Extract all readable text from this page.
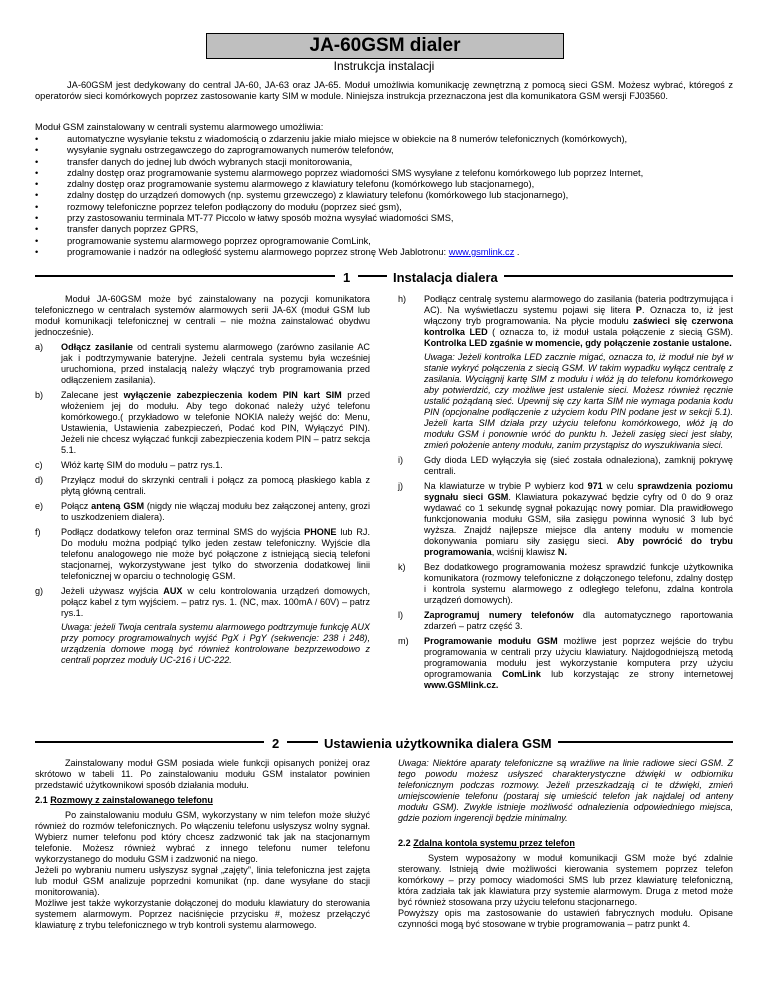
JA-60GSM dialer
Instrukcja instalacji
JA-60GSM jest dedykowany do central JA-60, JA-63 oraz JA-65. Moduł umożliwia komunikację zewnętrzną z pomocą sieci GSM. Możesz wybrać, któregoś z operatorów sieci komórkowych poprzez zastosowanie karty SIM w module. Niniejsza instrukcja przeznaczona jest dla komunikatora GSM wersji FJ03560.
Moduł GSM zainstalowany w centrali systemu alarmowego umożliwia:
• automatyczne wysyłanie tekstu z wiadomością o zdarzeniu jakie miało miejsce w obiekcie na 8 numerów telefonicznych (komórkowych),
• wysyłanie sygnału ostrzegawczego do zaprogramowanych numerów telefonów,
• transfer danych do jednej lub dwóch wybranych stacji monitorowania,
• zdalny dostęp oraz programowanie systemu alarmowego poprzez wiadomości SMS wysyłane z telefonu komórkowego lub poprzez Internet,
• zdalny dostęp oraz programowanie systemu alarmowego z klawiatury telefonu (komórkowego lub stacjonarnego),
• zdalny dostęp do urządzeń domowych (np. systemu grzewczego) z klawiatury telefonu (komórkowego lub stacjonarnego),
• rozmowy telefoniczne poprzez telefon podłączony do modułu (poprzez sieć gsm),
• przy zastosowaniu terminala MT-77 Piccolo w łatwy sposób można wysyłać wiadomości SMS,
• transfer danych poprzez GPRS,
• programowanie systemu alarmowego poprzez oprogramowanie ComLink,
• programowanie i nadzór na odległość systemu alarmowego poprzez stronę Web Jablotronu: www.gsmlink.cz .
1	Instalacja dialera

Moduł JA-60GSM może być zainstalowany na pozycji komunikatora telefonicznego w centralach systemów alarmowych serii JA-6X (moduł GSM lub moduł komunikacji telefonicznej w centrali – nie można zainstalować obydwu jednocześnie).

a) Odłącz zasilanie od centrali systemu alarmowego (zarówno zasilanie AC jak i podtrzymywanie bateryjne. Jeżeli centrala systemu była wcześniej uruchomiona, przed instalacją należy włączyć tryb programowania przed odłączeniem zasilania).
b) Zalecane jest wyłączenie zabezpieczenia kodem PIN kart SIM przed włożeniem jej do modułu. Aby tego dokonać należy użyć telefonu komórkowego.( przykładowo w telefonie NOKIA należy wejść do: Menu, Ustawienia, Ustawienia zabezpieczeń, Podać kod PIN, Wyłączyć PIN). Jeżeli nie chcesz wyłączać funkcji zabezpieczenia kodem PIN – patrz sekcja 5.1.
c) Włóż kartę SIM do modułu – patrz rys.1.
d) Przyłącz moduł do skrzynki centrali i połącz za pomocą płaskiego kabla z płytą główną centrali.
e) Połącz anteną GSM (nigdy nie włączaj modułu bez załączonej anteny, grozi to uszkodzeniem dialera).
f) Podłącz dodatkowy telefon oraz terminal SMS do wyjścia PHONE lub RJ. Do modułu można podpiąć tylko jeden zestaw telefoniczny. Wyjście dla telefonu analogowego nie może być połączone z istniejącą siecią telefoni stacjonarnej, wykorzystywane jest tylko do stworzenia dodatkowej linii telefonicznej w oparciu o technologię GSM.
g) Jeżeli używasz wyjścia AUX w celu kontrolowania urządzeń domowych, połącz kabel z tym wyjściem. – patrz rys. 1. (NC, max. 100mA / 60V) – patrz rys.1.
Uwaga: jeżeli Twoja centrala systemu alarmowego podtrzymuje funkcję AUX przy pomocy programowalnych wyjść PgX i PgY (sekwencje: 238 i 248), urządzenia domowe mogą być również kontrolowane bezprzewodowo z centrali poprzez moduły UC-216 i UC-222.
h) Podłącz centralę systemu alarmowego do zasilania (bateria podtrzymująca i AC). Na wyświetlaczu systemu pojawi się litera P. Oznacza to, iż jest włączony tryb programowania. Na płycie modułu zaświeci się czerwona kontrolka LED ( oznacza to, iż moduł ustala połączenie z siecią GSM). Kontrolka LED zgaśnie w momencie, gdy połączenie zostanie ustalone.
Uwaga: Jeżeli kontrolka LED zacznie migać, oznacza to, iż moduł nie był w stanie wykryć połączenia z siecią GSM. W takim wypadku wyłącz centralę z zasilania. Wyciągnij kartę SIM z modułu i włóż ją do telefonu komórkowego aby potwierdzić, czy możliwe jest ustalenie sieci. Możesz również ręcznie ustalić pożądaną sieć. Upewnij się czy karta SIM nie wymaga podania kodu PIN (opcjonalne podłączenie z użyciem kodu PIN podane jest w sekcji 5.1). Jeżeli karta SIM działa przy użyciu telefonu komórkowego, włóż ją do modułu GSM i ponownie wróć do punktu h. Jeżeli zasięg sieci jest słaby, zmień położenie anteny modułu, zanim przystąpisz do wyszukiwania sieci.
i) Gdy dioda LED wyłączyła się (sieć została odnaleziona), zamknij pokrywę centrali.
j) Na klawiaturze w trybie P wybierz kod 971 w celu sprawdzenia poziomu sygnału sieci GSM. Klawiatura pokazywać będzie cyfry od 0 do 9 oraz wydawać co 1 sekundę sygnał pokazując nowy pomiar. Dla prawidłowego funkcjonowania modułu GSM, siła zasięgu powinna wynosić 3 lub być wyższa. Znajdź najlepsze miejsce dla anteny modułu w momencie dokonywania pomiaru siły zasięgu sieci. Aby powrócić do trybu programowania, wciśnij klawisz N.
k) Bez dodatkowego programowania możesz sprawdzić funkcje użytkownika komunikatora (rozmowy telefoniczne z dołączonego telefonu, zdalny dostęp i kontrola systemu alarmowego z odległego telefonu, zdalna kontrola urządzeń domowych).
l) Zaprogramuj numery telefonów dla automatycznego raportowania zdarzeń – patrz część 3.
m) Programowanie modułu GSM możliwe jest poprzez wejście do trybu programowania w centrali przy użyciu klawiatury. Najdogodniejszą metodą programowania modułu jest wykorzystanie komputera przy użyciu oprogramowania ComLink lub korzystając ze strony internetowej www.GSMlink.cz.
2	Ustawienia użytkownika dialera GSM

Zainstalowany moduł GSM posiada wiele funkcji opisanych poniżej oraz skrótowo w tabeli 11. Po zainstalowaniu modułu GSM instalator powinien przedstawić użytkownikowi sposób działania modułu.

2.1 Rozmowy z zainstalowanego telefonu

Po zainstalowaniu modułu GSM, wykorzystany w nim telefon może służyć również do rozmów telefonicznych. Po włączeniu telefonu usłyszysz wolny sygnał. Wybierz numer telefonu pod który chcesz zadzwonić tak jak na stacjonarnym telefonie. Możesz również wybrać z innego telefonu numer telefonu wykorzystanego do modułu GSM i zadzwonić na niego.

Jeżeli po wybraniu numeru usłyszysz sygnał „zajęty”, linia telefoniczna jest zajęta lub moduł GSM analizuje poprzedni komunikat (np. dane wysyłane do stacji monitorowania).

Możliwe jest także wykorzystanie dołączonej do modułu klawiatury do sterowania systemem alarmowym. Poprzez naciśnięcie przycisku #, możesz przełączyć klawiaturę z trybu telefonicznego w tryb kontroli systemu alarmowego.

Uwaga: Niektóre aparaty telefoniczne są wrażliwe na linie radiowe sieci GSM. Z tego powodu możesz usłyszeć charakterystyczne dźwięki w odbiorniku telefonicznym podczas rozmowy. Jeżeli przeszkadzają ci te dźwięki, zmień umiejscowienie telefonu (postaraj się umieścić telefon jak najdalej od anteny modułu GSM). Zwykle istnieje możliwość odnalezienia odpowiedniego miejsca, gdzie poziom ingerencji będzie minimalny.

2.2 Zdalna kontola systemu przez telefon

System wyposażony w moduł komunikacji GSM może być zdalnie sterowany. Istnieją dwie możliwości kierowania systemem poprzez telefon komórkowy – przy pomocy wiadomości SMS lub przez klawiaturę telefoniczną, która zadziała tak jak klawiatura przy systemie alarmowym. Druga z metod może być również stosowana przy użyciu telefonu stacjonarnego.

Powyższy opis ma zastosowanie do ustawień fabrycznych modułu. Opisane czynności mogą być stosowane w trybie programowania – patrz punkt 4.
